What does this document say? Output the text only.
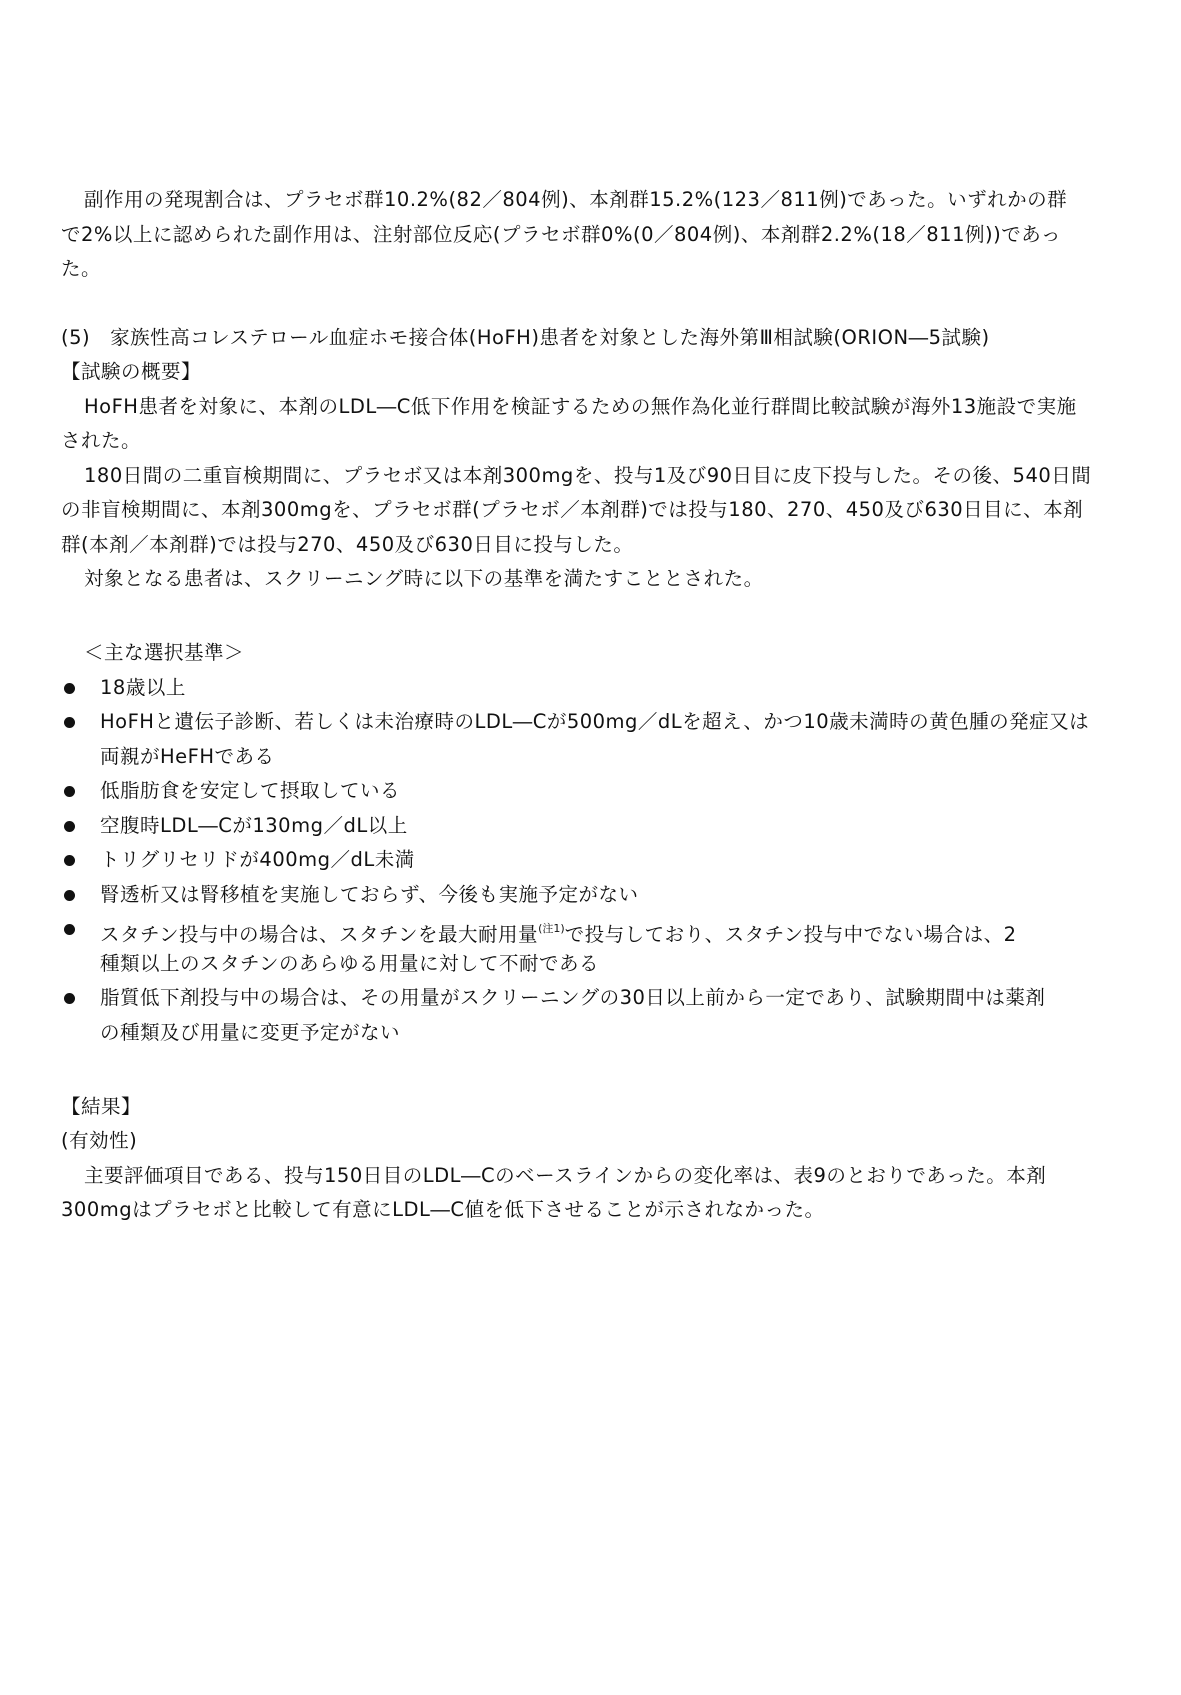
副作用の発現割合は、プラセボ群10.2%(82／804例)、本剤群15.2%(123／811例)であった。いずれかの群
で2%以上に認められた副作用は、注射部位反応(プラセボ群0%(0／804例)、本剤群2.2%(18／811例))であっ
た。
(5)　家族性高コレステロール血症ホモ接合体(HoFH)患者を対象とした海外第Ⅲ相試験(ORION―5試験)
【試験の概要】
HoFH患者を対象に、本剤のLDL―C低下作用を検証するための無作為化並行群間比較試験が海外13施設で実施
された。
180日間の二重盲検期間に、プラセボ又は本剤300mgを、投与1及び90日目に皮下投与した。その後、540日間
の非盲検期間に、本剤300mgを、プラセボ群(プラセボ／本剤群)では投与180、270、450及び630日目に、本剤
群(本剤／本剤群)では投与270、450及び630日目に投与した。
対象となる患者は、スクリーニング時に以下の基準を満たすこととされた。
＜主な選択基準＞
18歳以上
HoFHと遺伝子診断、若しくは未治療時のLDL―Cが500mg／dLを超え、かつ10歳未満時の黄色腫の発症又は
両親がHeFHである
低脂肪食を安定して摂取している
空腹時LDL―Cが130mg／dL以上
トリグリセリドが400mg／dL未満
腎透析又は腎移植を実施しておらず、今後も実施予定がない
スタチン投与中の場合は、スタチンを最大耐用量$^{(注1)}$で投与しており、スタチン投与中でない場合は、2
種類以上のスタチンのあらゆる用量に対して不耐である
脂質低下剤投与中の場合は、その用量がスクリーニングの30日以上前から一定であり、試験期間中は薬剤
の種類及び用量に変更予定がない
【結果】
(有効性)
主要評価項目である、投与150日目のLDL―Cのベースラインからの変化率は、表9のとおりであった。本剤
300mgはプラセボと比較して有意にLDL―C値を低下させることが示されなかった。
